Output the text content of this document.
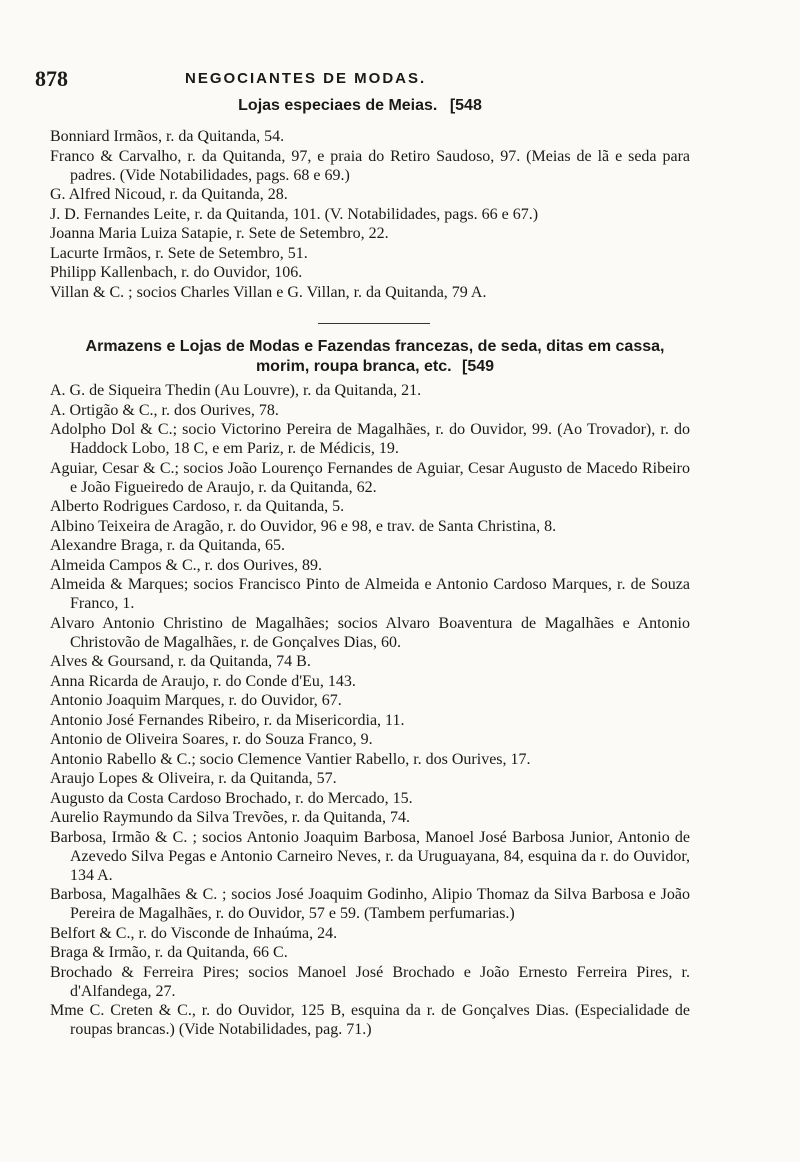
878	NEGOCIANTES DE MODAS.
Lojas especiaes de Meias. [548

Bonniard Irmãos, r. da Quitanda, 54.

Franco & Carvalho, r. da Quitanda, 97, e praia do Retiro Saudoso, 97. (Meias de lã e seda para padres. (Vide Notabilidades, pags. 68 e 69.)

G. Alfred Nicoud, r. da Quitanda, 28.

J. D. Fernandes Leite, r. da Quitanda, 101. (V. Notabilidades, pags. 66 e 67.)

Joanna Maria Luiza Satapie, r. Sete de Setembro, 22.

Lacurte Irmãos, r. Sete de Setembro, 51.

Philipp Kallenbach, r. do Ouvidor, 106.

Villan & C. ; socios Charles Villan e G. Villan, r. da Quitanda, 79 A.

Armazens e Lojas de Modas e Fazendas francezas, de seda, ditas em cassa,
morim, roupa branca, etc. [549

A. G. de Siqueira Thedin (Au Louvre), r. da Quitanda, 21.

A. Ortigão & C., r. dos Ourives, 78.

Adolpho Dol & C.; socio Victorino Pereira de Magalhães, r. do Ouvidor, 99. (Ao Trovador), r. do Haddock Lobo, 18 C, e em Pariz, r. de Médicis, 19.

Aguiar, Cesar & C.; socios João Lourenço Fernandes de Aguiar, Cesar Augusto de Macedo Ribeiro e João Figueiredo de Araujo, r. da Quitanda, 62.

Alberto Rodrigues Cardoso, r. da Quitanda, 5.

Albino Teixeira de Aragão, r. do Ouvidor, 96 e 98, e trav. de Santa Christina, 8.

Alexandre Braga, r. da Quitanda, 65.

Almeida Campos & C., r. dos Ourives, 89.

Almeida & Marques; socios Francisco Pinto de Almeida e Antonio Cardoso Marques, r. de Souza Franco, 1.

Alvaro Antonio Christino de Magalhães; socios Alvaro Boaventura de Magalhães e Antonio Christovão de Magalhães, r. de Gonçalves Dias, 60.

Alves & Goursand, r. da Quitanda, 74 B.

Anna Ricarda de Araujo, r. do Conde d'Eu, 143.

Antonio Joaquim Marques, r. do Ouvidor, 67.

Antonio José Fernandes Ribeiro, r. da Misericordia, 11.

Antonio de Oliveira Soares, r. do Souza Franco, 9.

Antonio Rabello & C.; socio Clemence Vantier Rabello, r. dos Ourives, 17.

Araujo Lopes & Oliveira, r. da Quitanda, 57.

Augusto da Costa Cardoso Brochado, r. do Mercado, 15.

Aurelio Raymundo da Silva Trevões, r. da Quitanda, 74.

Barbosa, Irmão & C. ; socios Antonio Joaquim Barbosa, Manoel José Barbosa Junior, Antonio de Azevedo Silva Pegas e Antonio Carneiro Neves, r. da Uruguayana, 84, esquina da r. do Ouvidor, 134 A.

Barbosa, Magalhães & C. ; socios José Joaquim Godinho, Alipio Thomaz da Silva Barbosa e João Pereira de Magalhães, r. do Ouvidor, 57 e 59. (Tambem perfumarias.)

Belfort & C., r. do Visconde de Inhaúma, 24.

Braga & Irmão, r. da Quitanda, 66 C.

Brochado & Ferreira Pires; socios Manoel José Brochado e João Ernesto Ferreira Pires, r. d'Alfandega, 27.

Mme C. Creten & C., r. do Ouvidor, 125 B, esquina da r. de Gonçalves Dias. (Especialidade de roupas brancas.) (Vide Notabilidades, pag. 71.)
